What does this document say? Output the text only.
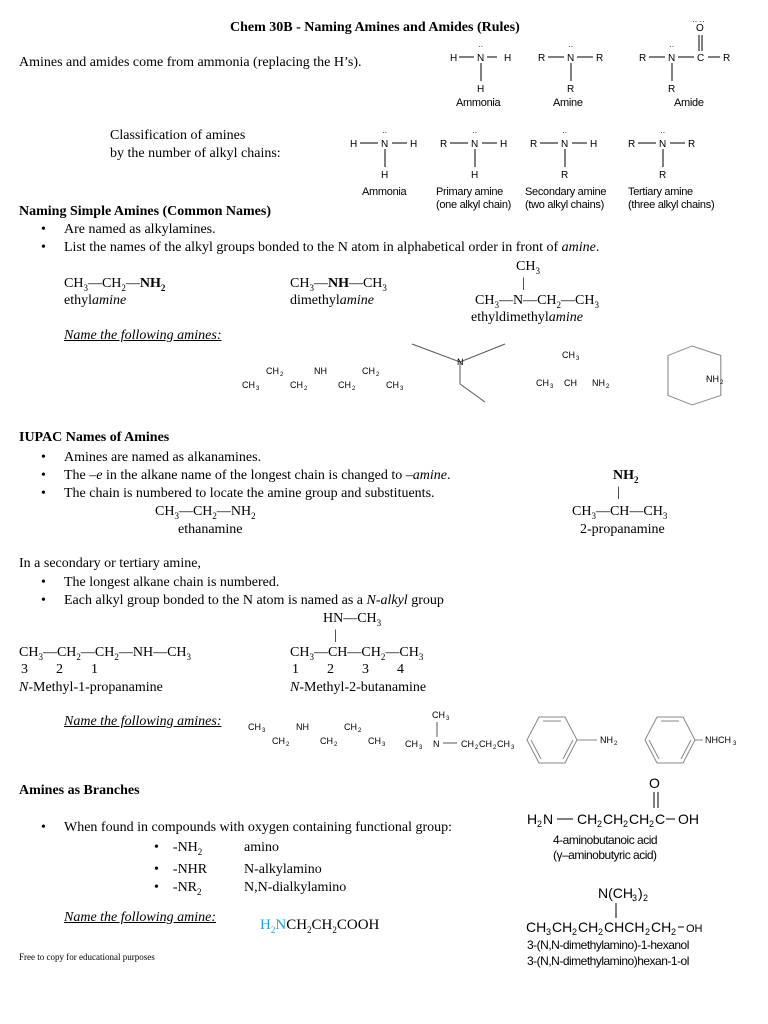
Chem 30B - Naming Amines and Amides (Rules)
Amines and amides come from ammonia (replacing the H’s).	H N
··
H
H
R N
··
R
R
R N
··
C R
O
·· ··
R
Ammonia	Amine	Amide
Classification of amines
by the number of alkyl chains:
H N
··
H
H
R N
··
H
H
R N
··
H
R
R N
··
R
R
Ammonia	Primary amine
(one alkyl chain)
Secondary amine
(two alkyl chains)
Tertiary amine
(three alkyl chains)
Naming Simple Amines (Common Names)
• Are named as alkylamines.
• List the names of the alkyl groups bonded to the N atom in alphabetical order in front of amine.
$CH_3$
|
$CH_3—CH_2—NH_2$
ethylamine
$CH_3—NH—CH_3$
dimethylamine	$CH_3—N—CH_2—CH_3$
ethyldimethylamine
Name the following amines:
CH 3
CH 2
CH 2
NH
CH 2
CH 2
CH 3
N
CH 3
CH 3 CH NH 2
NH 2
IUPAC Names of Amines
• Amines are named as alkanamines.
• The –e in the alkane name of the longest chain is changed to –amine.
• The chain is numbered to locate the amine group and substituents.
$NH_2$
|
$CH_3—CH_2—NH_2$
ethanamine
$CH_3—CH—CH_3$
2-propanamine
In a secondary or tertiary amine,
• The longest alkane chain is numbered.
• Each alkyl group bonded to the N atom is named as a N-alkyl group
$HN—CH_3$
|
$CH_3—CH_2—CH_2—NH—CH_3$
3        2        1
N-Methyl-1-propanamine
$CH_3—CH—CH_2—CH_3$
1        2        3        4
N-Methyl-2-butanamine
Name the following amines:	CH 3
CH 2
NH
CH 2
CH 2
CH 3
CH 3
CH 3 N CH 2 CH 2 CH 3
NH 2	NHCH 3
Amines as Branches
• When found in compounds with oxygen containing functional group:
• $-NH_2$	amino
• -NHR	N-alkylamino
• $-NR_2$	N,N-dialkylamino
Name the following amine:	$H_2NCH_2CH_2COOH$
O
H 2 N CH 2 CH 2 CH 2 C OH
4-aminobutanoic acid
(γ–aminobutyric acid)
N(CH 3 ) 2
CH 3 CH 2 CH 2 CHCH 2 CH 2 OH
3-(N,N-dimethylamino)-1-hexanol
3-(N,N-dimethylamino)hexan-1-ol
Free to copy for educational purposes
